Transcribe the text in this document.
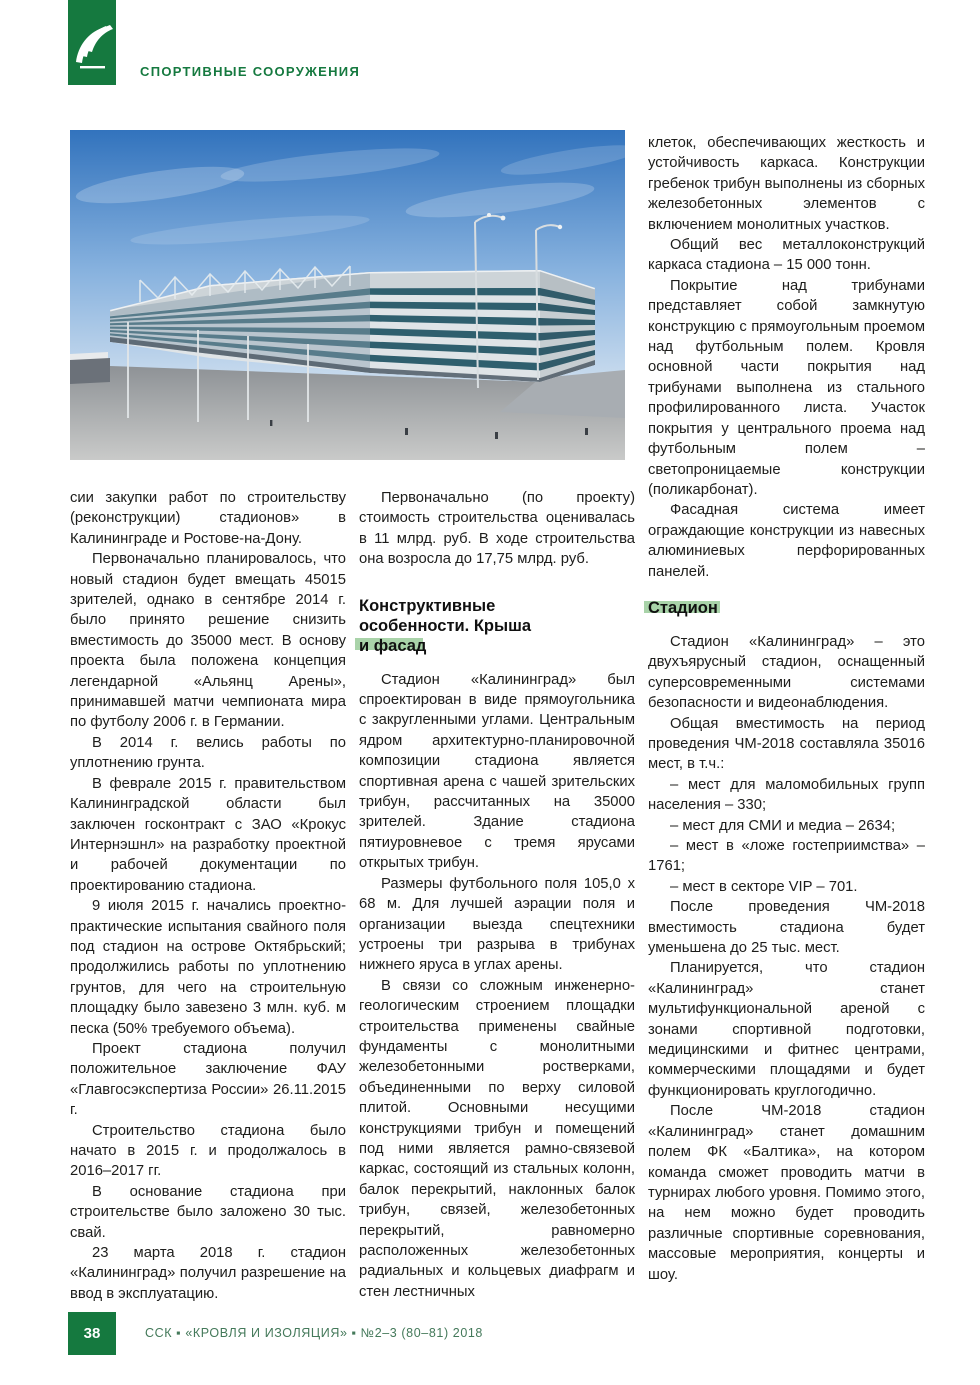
СПОРТИВНЫЕ СООРУЖЕНИЯ

сии закупки работ по строительству (реконструкции) стадионов» в Калининграде и Ростове-на-Дону.

Первоначально планировалось, что новый стадион будет вмещать 45015 зрителей, однако в сентябре 2014 г. было принято решение снизить вместимость до 35000 мест. В основу проекта была положена концепция легендарной «Альянц Арены», принимавшей матчи чемпионата мира по футболу 2006 г. в Германии.

В 2014 г. велись работы по уплотнению грунта.

В феврале 2015 г. правительством Калининградской области был заключен госконтракт с ЗАО «Крокус Интернэшнл» на разработку проектной и рабочей документации по проектированию стадиона.

9 июля 2015 г. начались проектно-практические испытания свайного поля под стадион на острове Октябрьский; продолжились работы по уплотнению грунтов, для чего на строительную площадку было завезено 3 млн. куб. м песка (50% требуемого объема).

Проект стадиона получил положительное заключение ФАУ «Главгосэкспертиза России» 26.11.2015 г.

Строительство стадиона было начато в 2015 г. и продолжалось в 2016–2017 гг.

В основание стадиона при строительстве было заложено 30 тыс. свай.

23 марта 2018 г. стадион «Калининград» получил разрешение на ввод в эксплуатацию.

Первоначально (по проекту) стоимость строительства оценивалась в 11 млрд. руб. В ходе строительства она возросла до 17,75 млрд. руб.

Конструктивные
особенности. Крыша
и фасад

Стадион «Калининград» был спроектирован в виде прямоугольника с закругленными углами. Центральным ядром архитектурно-планировочной композиции стадиона является спортивная арена с чашей зрительских трибун, рассчитанных на 35000 зрителей. Здание стадиона пятиуровневое с тремя ярусами открытых трибун.

Размеры футбольного поля 105,0 х 68 м. Для лучшей аэрации поля и организации выезда спецтехники устроены три разрыва в трибунах нижнего яруса в углах арены.

В связи со сложным инженерно-геологическим строением площадки строительства применены свайные фундаменты с монолитными железобетонными ростверками, объединенными по верху силовой плитой. Основными несущими конструкциями трибун и помещений под ними является рамно-связевой каркас, состоящий из стальных колонн, балок перекрытий, наклонных балок трибун, связей, железобетонных перекрытий, равномерно расположенных железобетонных радиальных и кольцевых диафрагм и стен лестничных

клеток, обеспечивающих жесткость и устойчивость каркаса. Конструкции гребенок трибун выполнены из сборных железобетонных элементов с включением монолитных участков.

Общий вес металлоконструкций каркаса стадиона – 15 000 тонн.

Покрытие над трибунами представляет собой замкнутую конструкцию с прямоугольным проемом над футбольным полем. Кровля основной части покрытия над трибунами выполнена из стального профилированного листа. Участок покрытия у центрального проема над футбольным полем – светопроницаемые конструкции (поликарбонат).

Фасадная система имеет ограждающие конструкции из навесных алюминиевых перфорированных панелей.

Стадион

Стадион «Калининград» – это двухъярусный стадион, оснащенный суперсовременными системами безопасности и видеонаблюдения.

Общая вместимость на период проведения ЧМ-2018 составляла 35016 мест, в т.ч.:

– мест для маломобильных групп населения – 330;

– мест для СМИ и медиа – 2634;

– мест в «ложе гостеприимства» – 1761;

– мест в секторе VIP – 701.

После проведения ЧМ-2018 вместимость стадиона будет уменьшена до 25 тыс. мест.

Планируется, что стадион «Калининград» станет мультифункциональной ареной с зонами спортивной подготовки, медицинскими и фитнес центрами, коммерческими площадями и будет функционировать круглогодично.

После ЧМ-2018 стадион «Калининград» станет домашним полем ФК «Балтика», на котором команда сможет проводить матчи в турнирах любого уровня. Помимо этого, на нем можно будет проводить различные спортивные соревнования, массовые мероприятия, концерты и шоу.

38	ССК ▪ «КРОВЛЯ И ИЗОЛЯЦИЯ» ▪ №2–3 (80–81) 2018
